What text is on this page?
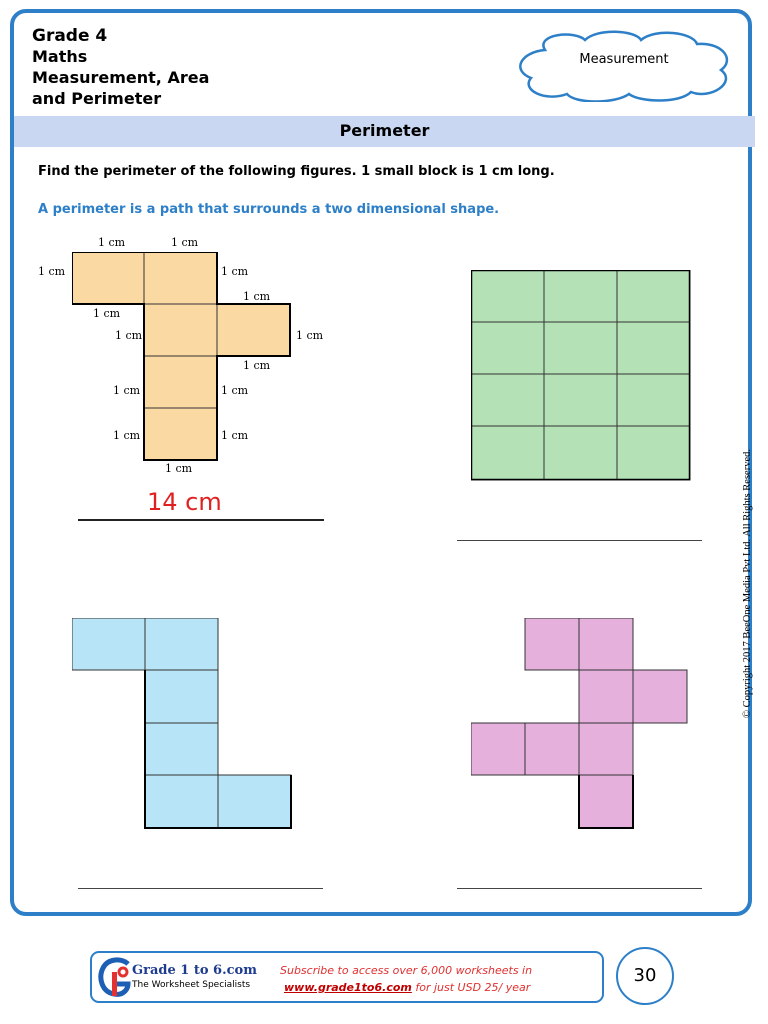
Grade 4
Maths
Measurement, Area
and Perimeter
Measurement
Perimeter
Find the perimeter of the following figures. 1 small block is 1 cm long.
A perimeter is a path that surrounds a two dimensional shape.
1 cm	1 cm
1 cm	1 cm
1 cm
1 cm
1 cm	1 cm
1 cm
1 cm	1 cm
1 cm	1 cm
1 cm
14 cm	© Copyright 2017 BeeOne Media Pvt Ltd. All Rights Reserved.
Grade 1 to 6.com
The Worksheet Specialists
Subscribe to access over 6,000 worksheets in
www.grade1to6.com for just USD 25/ year
30
